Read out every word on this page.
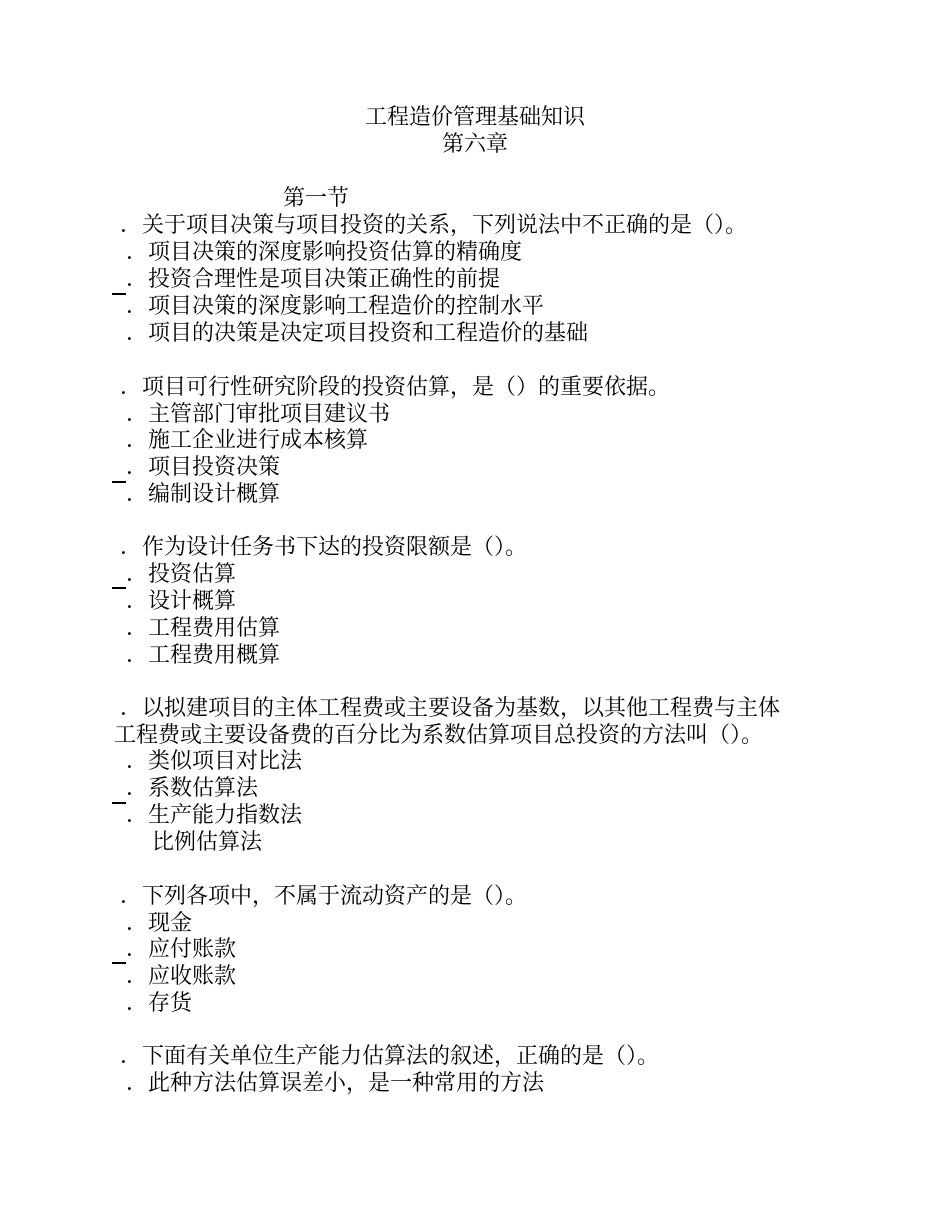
工程造价管理基础知识
第六章
第一节
．关于项目决策与项目投资的关系，下列说法中不正确的是（）。
．项目决策的深度影响投资估算的精确度
．投资合理性是项目决策正确性的前提
．项目决策的深度影响工程造价的控制水平
．项目的决策是决定项目投资和工程造价的基础
．项目可行性研究阶段的投资估算，是（）的重要依据。
．主管部门审批项目建议书
．施工企业进行成本核算
．项目投资决策
．编制设计概算
．作为设计任务书下达的投资限额是（）。
．投资估算
．设计概算
．工程费用估算
．工程费用概算
．以拟建项目的主体工程费或主要设备为基数，以其他工程费与主体
工程费或主要设备费的百分比为系数估算项目总投资的方法叫（）。
．类似项目对比法
．系数估算法
．生产能力指数法
比例估算法
．下列各项中，不属于流动资产的是（）。
．现金
．应付账款
．应收账款
．存货
．下面有关单位生产能力估算法的叙述，正确的是（）。
．此种方法估算误差小，是一种常用的方法
